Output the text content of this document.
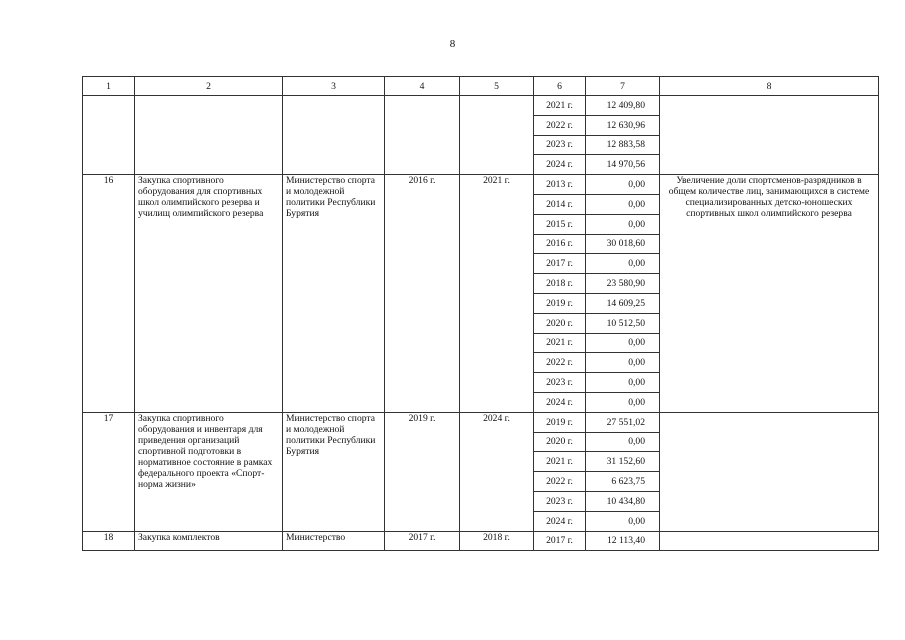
8
1	2	3	4	5	6	7	8
					2021 г.	12 409,80	
					2022 г.	12 630,96	
					2023 г.	12 883,58	
					2024 г.	14 970,56	
16	Закупка спортивного оборудования для спортивных школ олимпийского резерва и училищ олимпийского резерва	Министерство спорта и молодежной политики Республики Бурятия	2016 г.	2021 г.	2013 г.	0,00	Увеличение доли спортсменов-разрядников в общем количестве лиц, занимающихся в системе специализированных детско-юношеских спортивных школ олимпийского резерва
					2014 г.	0,00	
					2015 г.	0,00	
					2016 г.	30 018,60	
					2017 г.	0,00	
					2018 г.	23 580,90	
					2019 г.	14 609,25	
					2020 г.	10 512,50	
					2021 г.	0,00	
					2022 г.	0,00	
					2023 г.	0,00	
					2024 г.	0,00	
17	Закупка спортивного оборудования и инвентаря для приведения организаций спортивной подготовки в нормативное состояние в рамках федерального проекта «Спорт- норма жизни»	Министерство спорта и молодежной политики Республики Бурятия	2019 г.	2024 г.	2019 г.	27 551,02	
					2020 г.	0,00	
					2021 г.	31 152,60	
					2022 г.	6 623,75	
					2023 г.	10 434,80	
					2024 г.	0,00	
18	Закупка комплектов	Министерство	2017 г.	2018 г.	2017 г.	12 113,40	
